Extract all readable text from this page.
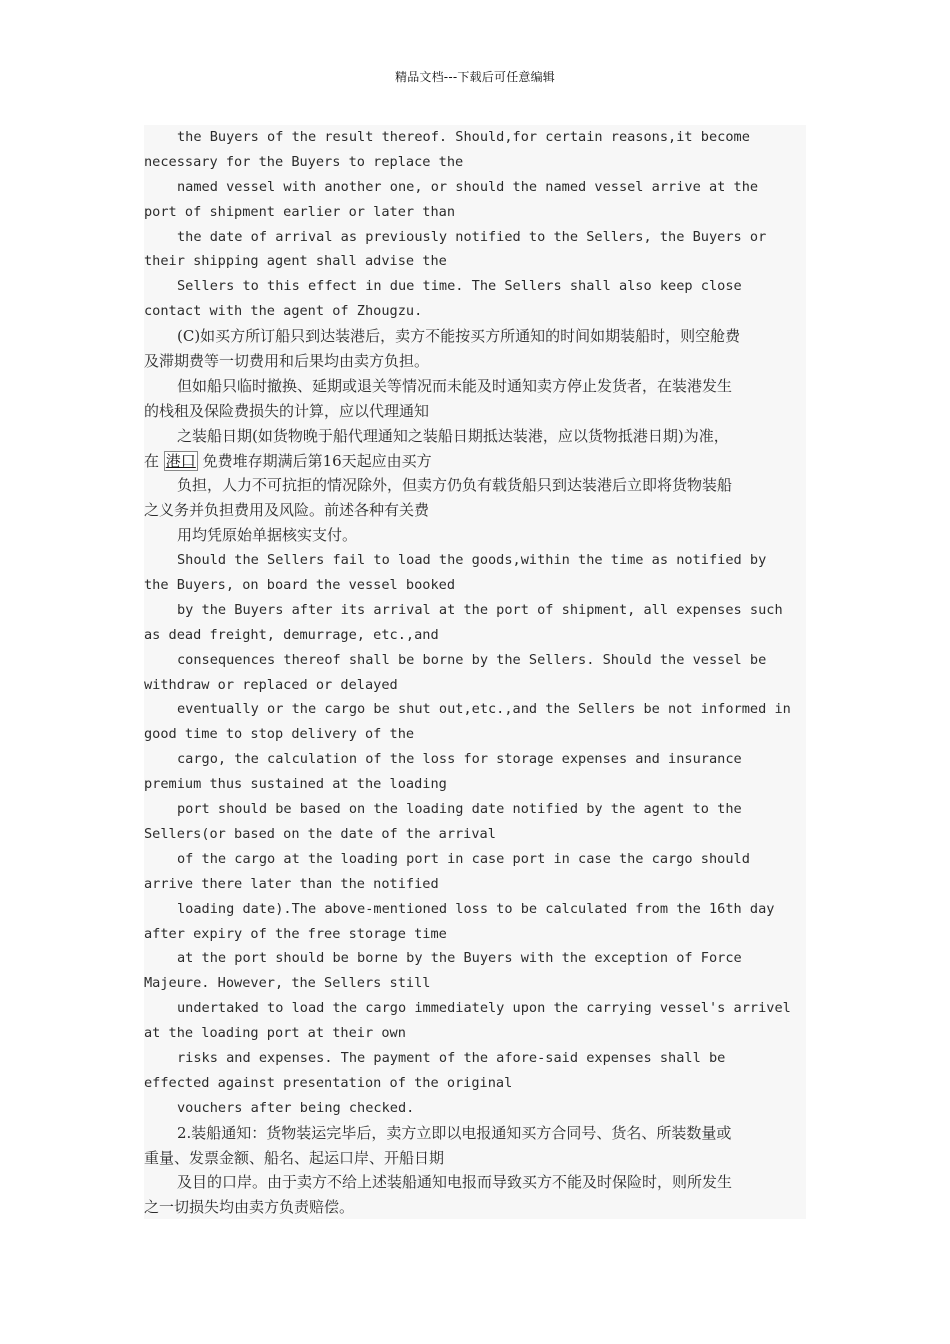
精品文档---下载后可任意编辑
the Buyers of the result thereof. Should,for certain reasons,it become
necessary for the Buyers to replace the
named vessel with another one, or should the named vessel arrive at the
port of shipment earlier or later than
the date of arrival as previously notified to the Sellers, the Buyers or
their shipping agent shall advise the
Sellers to this effect in due time. The Sellers shall also keep close
contact with the agent of Zhougzu.
(C)如买方所订船只到达装港后，卖方不能按买方所通知的时间如期装船时，则空舱费
及滞期费等一切费用和后果均由卖方负担。
但如船只临时撤换、延期或退关等情况而未能及时通知卖方停止发货者，在装港发生
的栈租及保险费损失的计算，应以代理通知
之装船日期(如货物晚于船代理通知之装船日期抵达装港，应以货物抵港日期)为准，
在 港口 免费堆存期满后第16天起应由买方
负担，人力不可抗拒的情况除外，但卖方仍负有载货船只到达装港后立即将货物装船
之义务并负担费用及风险。前述各种有关费
用均凭原始单据核实支付。
Should the Sellers fail to load the goods,within the time as notified by
the Buyers, on board the vessel booked
by the Buyers after its arrival at the port of shipment, all expenses such
as dead freight, demurrage, etc.,and
consequences thereof shall be borne by the Sellers. Should the vessel be
withdraw or replaced or delayed
eventually or the cargo be shut out,etc.,and the Sellers be not informed in
good time to stop delivery of the
cargo, the calculation of the loss for storage expenses and insurance
premium thus sustained at the loading
port should be based on the loading date notified by the agent to the
Sellers(or based on the date of the arrival
of the cargo at the loading port in case port in case the cargo should
arrive there later than the notified
loading date).The above-mentioned loss to be calculated from the 16th day
after expiry of the free storage time
at the port should be borne by the Buyers with the exception of Force
Majeure. However, the Sellers still
undertaked to load the cargo immediately upon the carrying vessel's arrivel
at the loading port at their own
risks and expenses. The payment of the afore-said expenses shall be
effected against presentation of the original
vouchers after being checked.
2.装船通知：货物装运完毕后，卖方立即以电报通知买方合同号、货名、所装数量或
重量、发票金额、船名、起运口岸、开船日期
及目的口岸。由于卖方不给上述装船通知电报而导致买方不能及时保险时，则所发生
之一切损失均由卖方负责赔偿。
